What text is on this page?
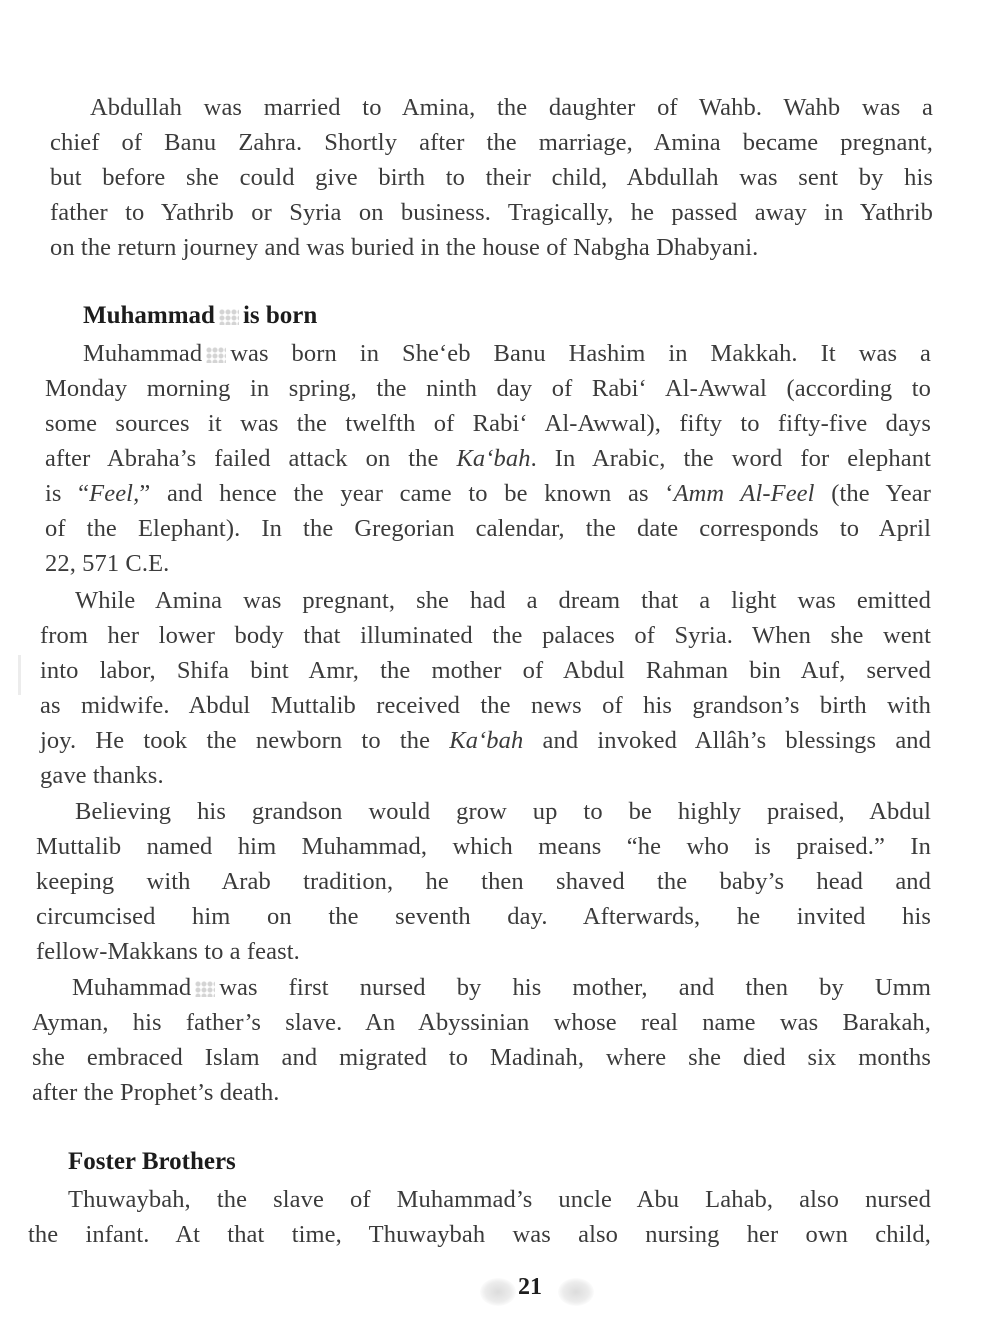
Abdullah was married to Amina, the daughter of Wahb. Wahb was a
chief of Banu Zahra. Shortly after the marriage, Amina became pregnant,
but before she could give birth to their child, Abdullah was sent by his
father to Yathrib or Syria on business. Tragically, he passed away in Yathrib
on the return journey and was buried in the house of Nabgha Dhabyani.
Muhammad is born
Muhammad was born in She‘eb Banu Hashim in Makkah. It was a
Monday morning in spring, the ninth day of Rabi‘ Al-Awwal (according to
some sources it was the twelfth of Rabi‘ Al-Awwal), fifty to fifty-five days
after Abraha’s failed attack on the Ka‘bah. In Arabic, the word for elephant
is “Feel,” and hence the year came to be known as ‘Amm Al-Feel (the Year
of the Elephant). In the Gregorian calendar, the date corresponds to April
22, 571 C.E.
While Amina was pregnant, she had a dream that a light was emitted
from her lower body that illuminated the palaces of Syria. When she went
into labor, Shifa bint Amr, the mother of Abdul Rahman bin Auf, served
as midwife. Abdul Muttalib received the news of his grandson’s birth with
joy. He took the newborn to the Ka‘bah and invoked Allâh’s blessings and
gave thanks.
Believing his grandson would grow up to be highly praised, Abdul
Muttalib named him Muhammad, which means “he who is praised.” In
keeping with Arab tradition, he then shaved the baby’s head and
circumcised him on the seventh day. Afterwards, he invited his
fellow-Makkans to a feast.
Muhammad was first nursed by his mother, and then by Umm
Ayman, his father’s slave. An Abyssinian whose real name was Barakah,
she embraced Islam and migrated to Madinah, where she died six months
after the Prophet’s death.
Foster Brothers
Thuwaybah, the slave of Muhammad’s uncle Abu Lahab, also nursed
the infant. At that time, Thuwaybah was also nursing her own child,
21
